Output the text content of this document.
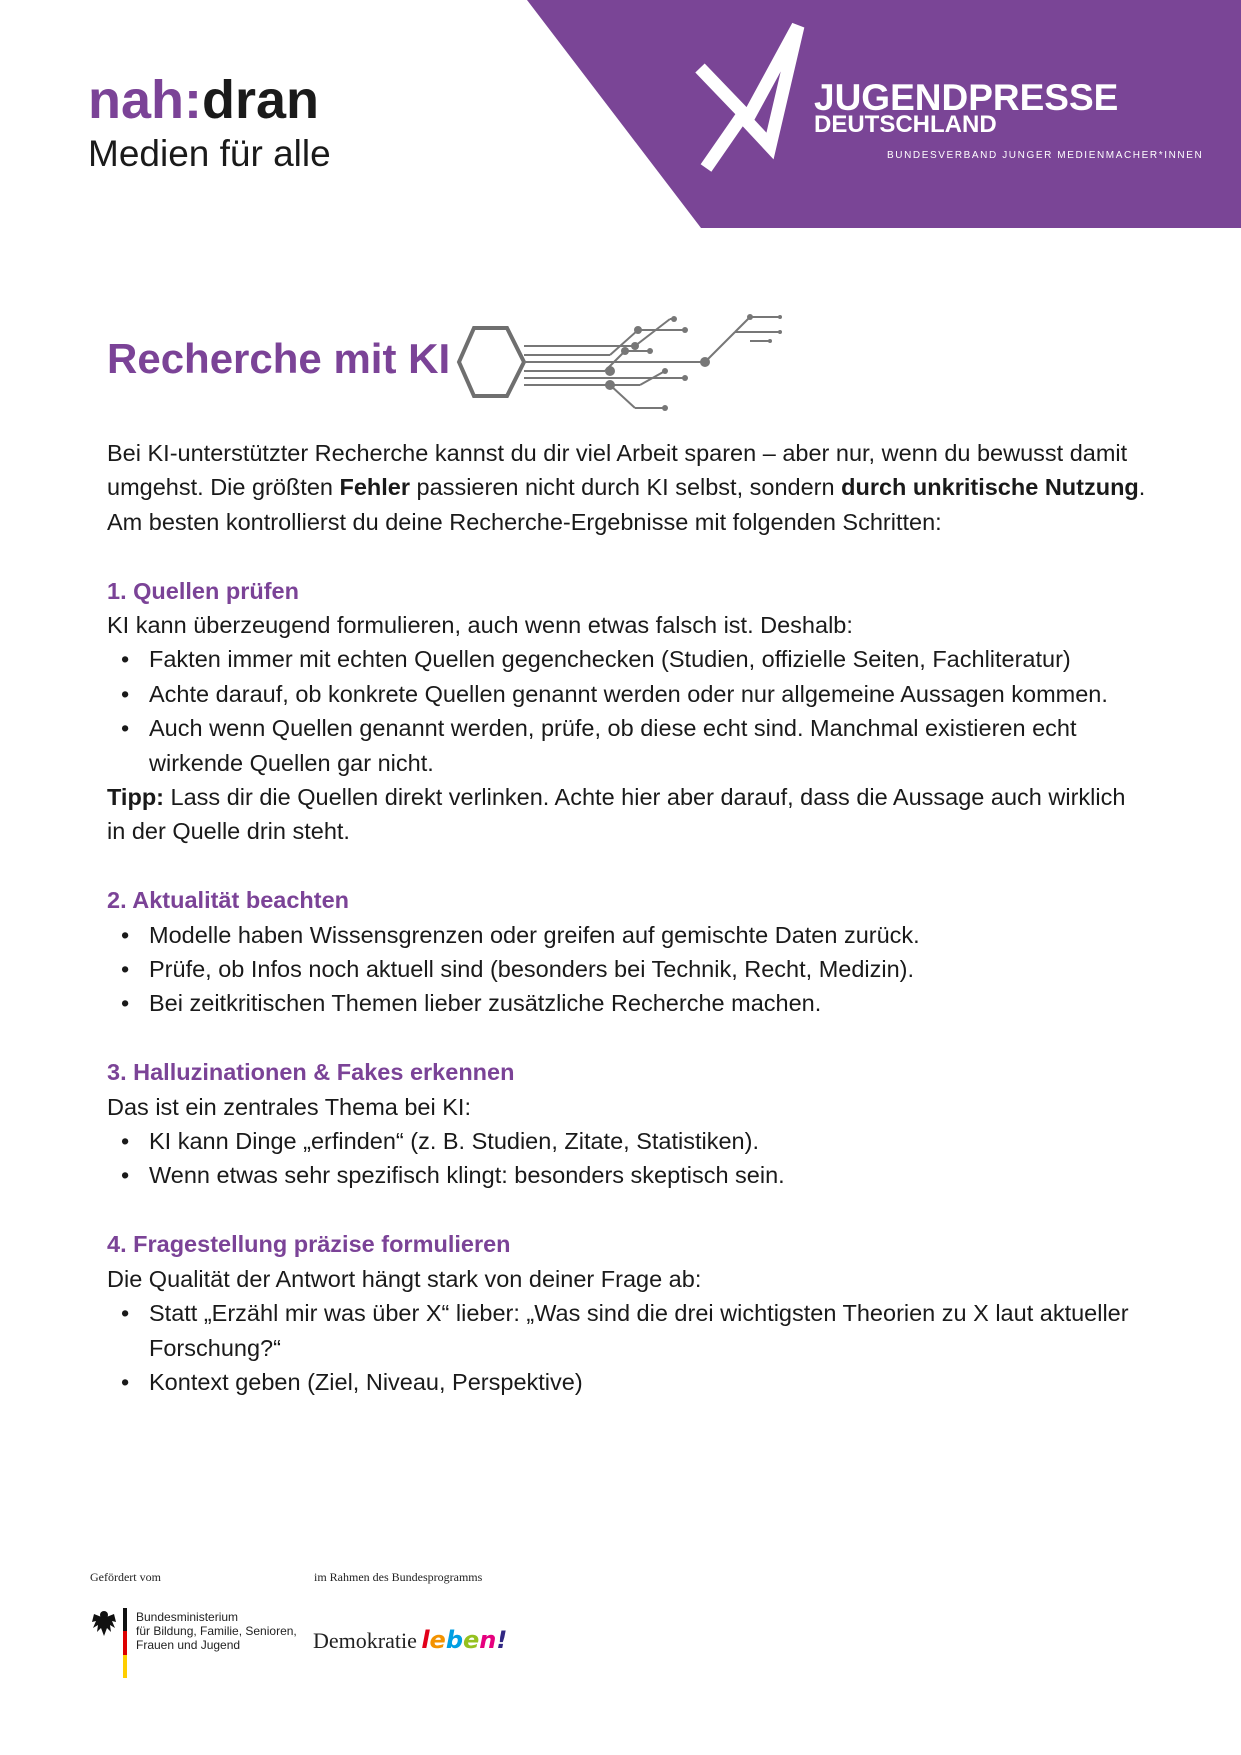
JUGENDPRESSE
DEUTSCHLAND
BUNDESVERBAND JUNGER MEDIENMACHER*INNEN
nah:dran
Medien für alle
Recherche mit KI

Bei KI-unterstützter Recherche kannst du dir viel Arbeit sparen – aber nur, wenn du bewusst damit umgehst. Die größten Fehler passieren nicht durch KI selbst, sondern durch unkritische Nutzung. Am besten kontrollierst du deine Recherche-Ergebnisse mit folgenden Schritten:

1. Quellen prüfen

KI kann überzeugend formulieren, auch wenn etwas falsch ist. Deshalb:

• Fakten immer mit echten Quellen gegenchecken (Studien, offizielle Seiten, Fachliteratur)
• Achte darauf, ob konkrete Quellen genannt werden oder nur allgemeine Aussagen kommen.
• Auch wenn Quellen genannt werden, prüfe, ob diese echt sind. Manchmal existieren echt wirkende Quellen gar nicht.

Tipp: Lass dir die Quellen direkt verlinken. Achte hier aber darauf, dass die Aussage auch wirklich in der Quelle drin steht.

2. Aktualität beachten
• Modelle haben Wissensgrenzen oder greifen auf gemischte Daten zurück.
• Prüfe, ob Infos noch aktuell sind (besonders bei Technik, Recht, Medizin).
• Bei zeitkritischen Themen lieber zusätzliche Recherche machen.
3. Halluzinationen & Fakes erkennen

Das ist ein zentrales Thema bei KI:

• KI kann Dinge „erfinden“ (z. B. Studien, Zitate, Statistiken).
• Wenn etwas sehr spezifisch klingt: besonders skeptisch sein.
4. Fragestellung präzise formulieren

Die Qualität der Antwort hängt stark von deiner Frage ab:

• Statt „Erzähl mir was über X“ lieber: „Was sind die drei wichtigsten Theorien zu X laut aktueller Forschung?“
• Kontext geben (Ziel, Niveau, Perspektive)
Gefördert vom	im Rahmen des Bundesprogramms
Bundesministerium
für Bildung, Familie, Senioren,
Frauen und Jugend	Demokratie leben!
